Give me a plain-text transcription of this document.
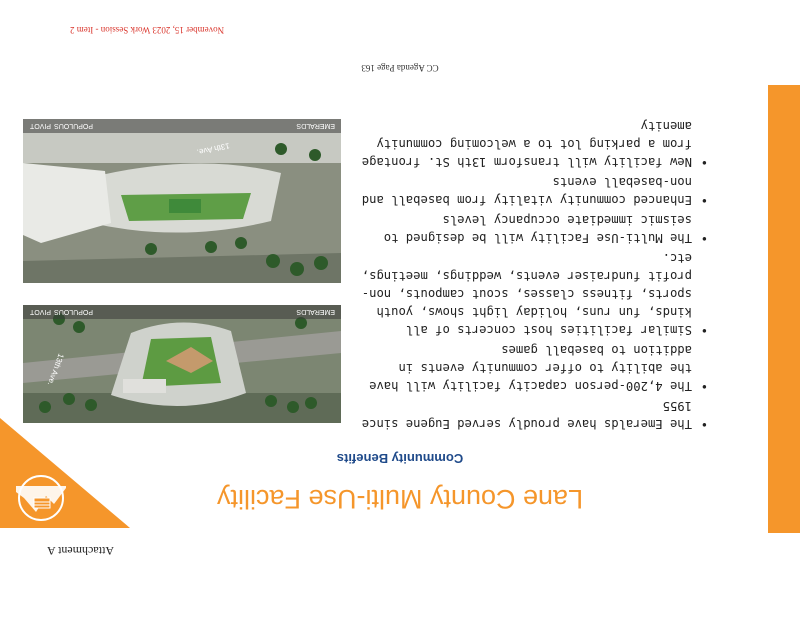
Attachment A
Lane County Multi-Use Facility
Community Benefits
• The Emeralds have proudly served Eugene since 1955
• The 4,200-person capacity facility will have the ability to offer community events in addition to baseball games
• Similar facilities host concerts of all kinds, fun runs, holiday light shows, youth sports, fitness classes, scout campouts, non-profit fundraiser events, weddings, meetings, etc.
• The Multi-Use Facility will be designed to seismic immediate occupancy levels
• Enhanced community vitality from baseball and non-baseball events
• New facility will transform 13th St. frontage from a parking lot to a welcoming community amenity
POPULOUS
PIVOT	EMERALDS
13th Ave.
POPULOUS
PIVOT	EMERALDS
13th Ave.
CC Agenda Page 163
November 15, 2023 Work Session - Item 2
